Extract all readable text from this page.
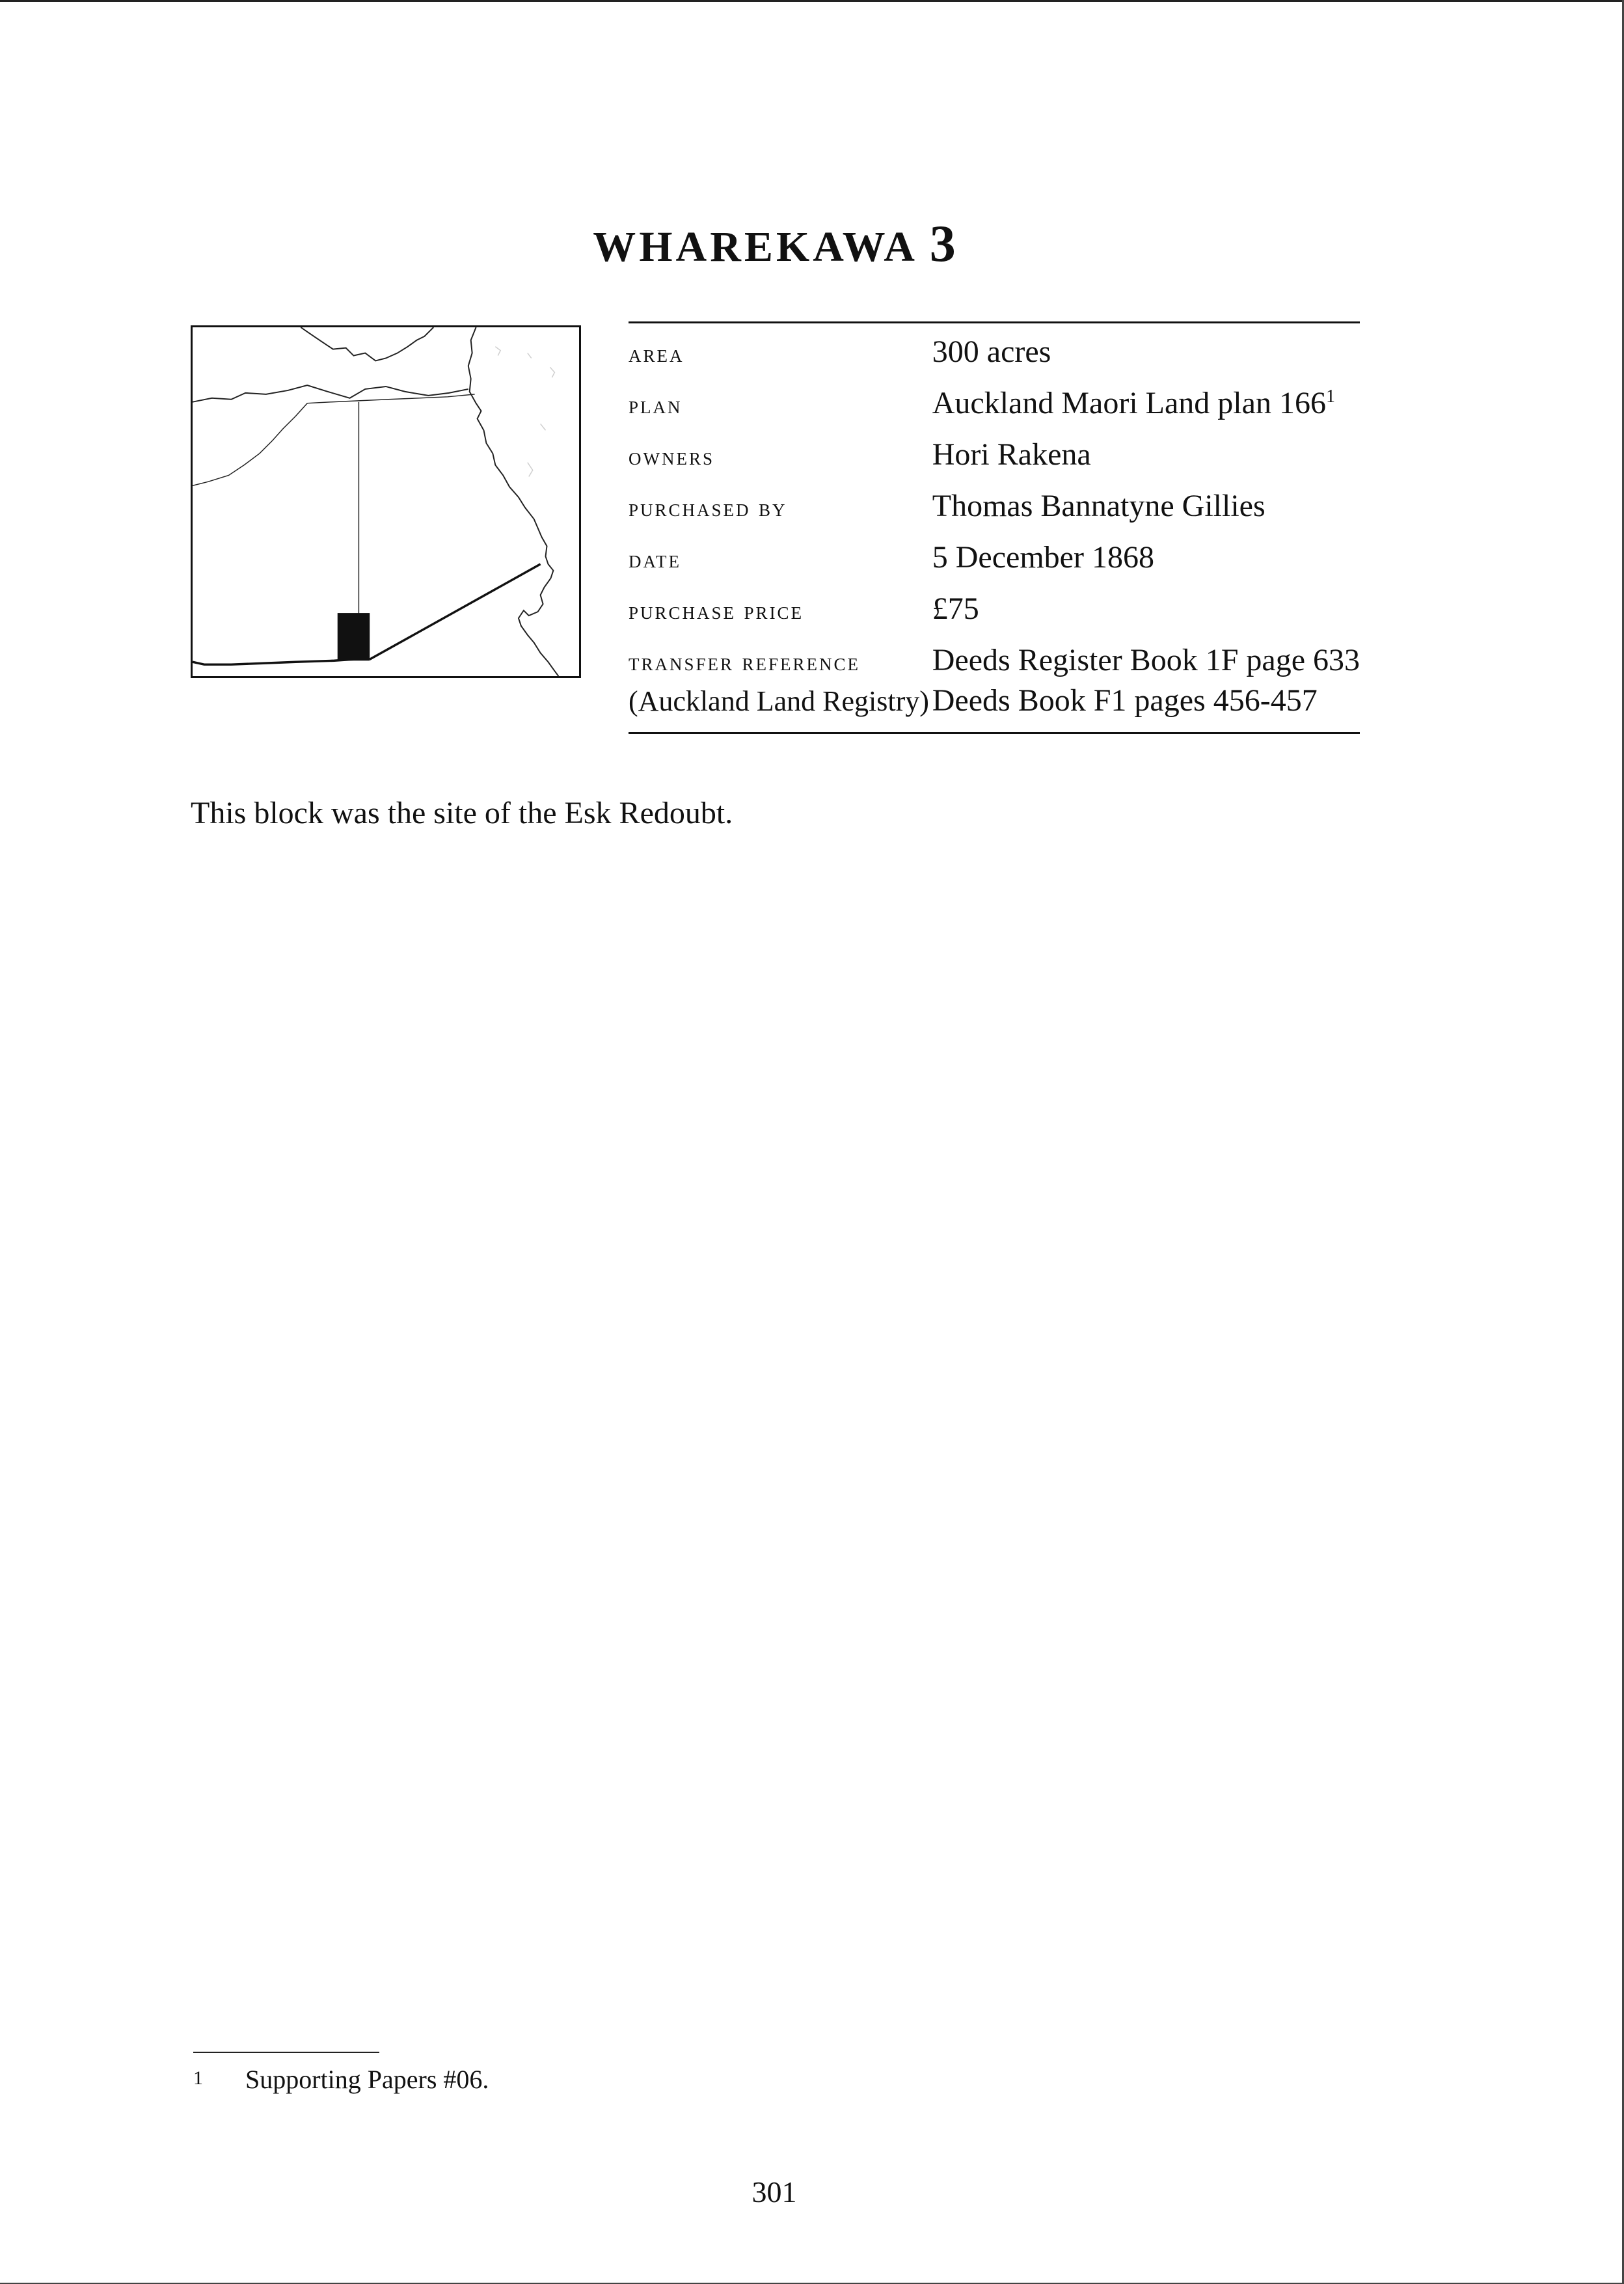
WHAREKAWA 3
area	300 acres
plan	Auckland Maori Land plan $166^1$
owners	Hori Rakena
purchased by	Thomas Bannatyne Gillies
date	5 December 1868
purchase price	£75
transfer reference	Deeds Register Book 1F page 633
(Auckland Land Registry)	Deeds Book F1 pages 456-457

This block was the site of the Esk Redoubt.

1 Supporting Papers #06.
301
